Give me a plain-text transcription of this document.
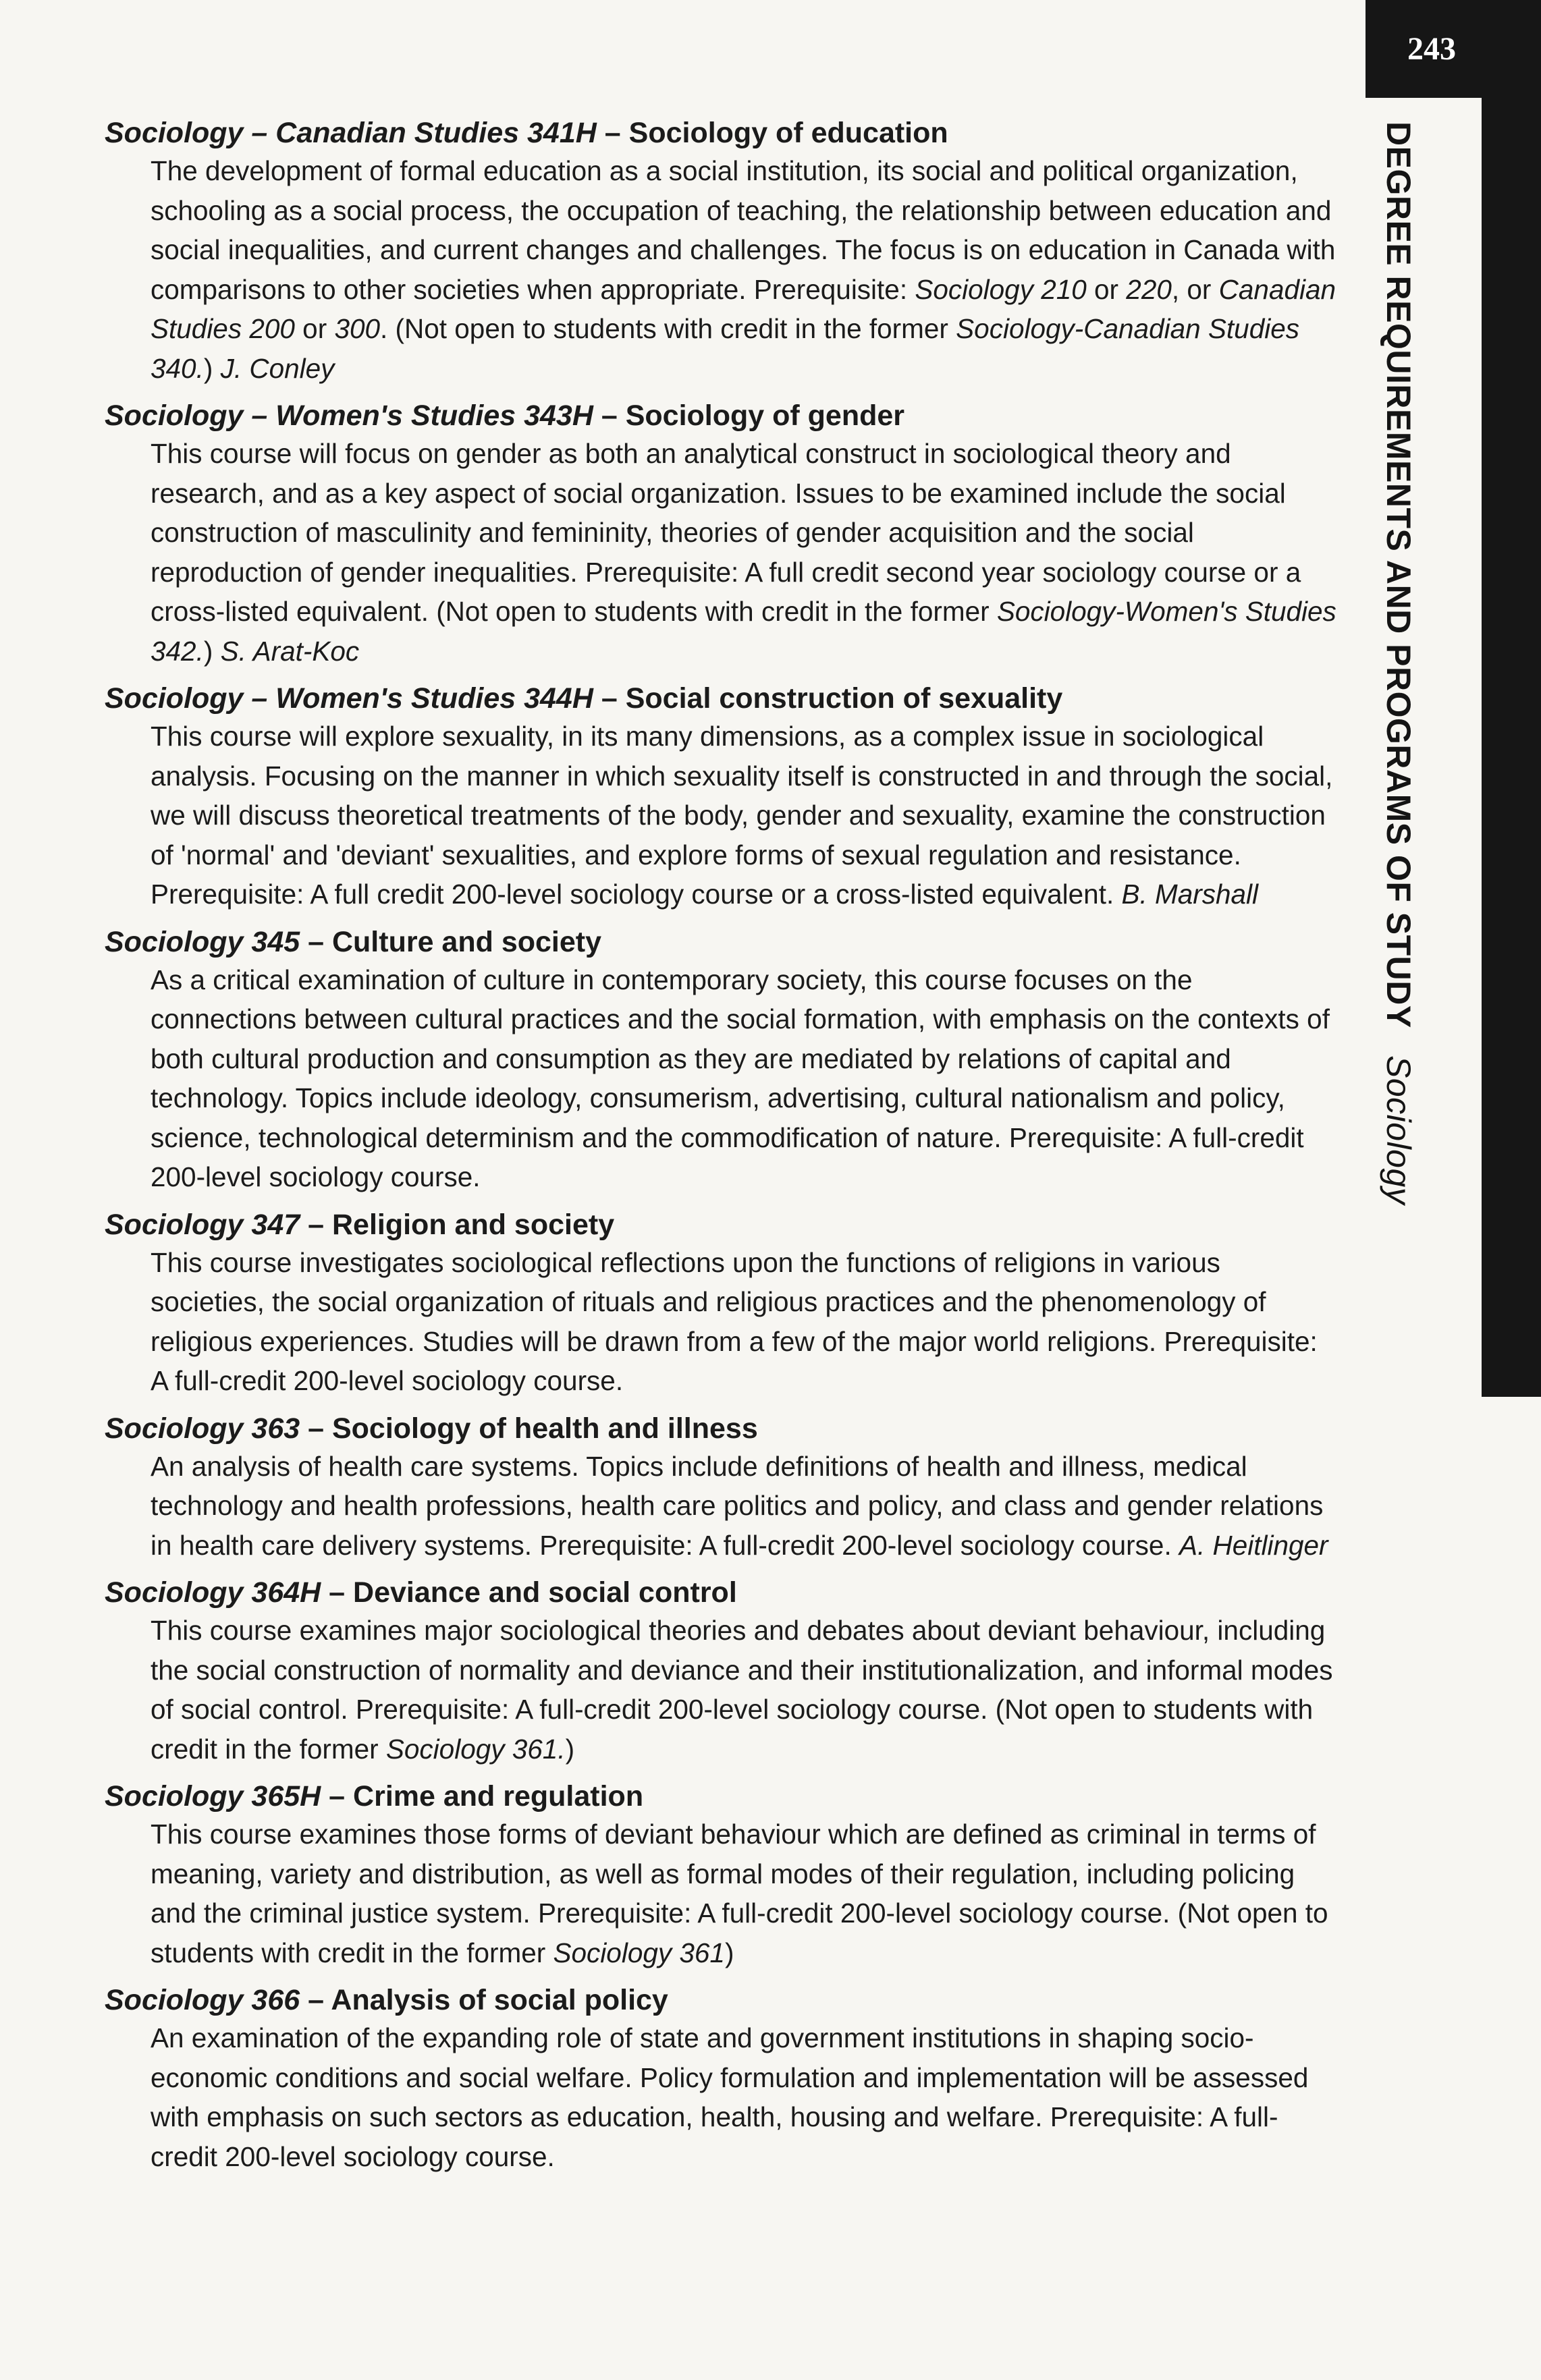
243
DEGREE REQUIREMENTS AND PROGRAMS OF STUDYSociology

Sociology – Canadian Studies 341H – Sociology of education

The development of formal education as a social institution, its social and political organization, schooling as a social process, the occupation of teaching, the relationship between education and social inequalities, and current changes and challenges. The focus is on education in Canada with comparisons to other societies when appropriate. Prerequisite: Sociology 210 or 220, or Canadian Studies 200 or 300. (Not open to students with credit in the former Sociology-Canadian Studies 340.) J. Conley

Sociology – Women's Studies 343H – Sociology of gender

This course will focus on gender as both an analytical construct in sociological theory and research, and as a key aspect of social organization. Issues to be examined include the social construction of masculinity and femininity, theories of gender acquisition and the social reproduction of gender inequalities. Prerequisite: A full credit second year sociology course or a cross-listed equivalent. (Not open to students with credit in the former Sociology-Women's Studies 342.) S. Arat-Koc

Sociology – Women's Studies 344H – Social construction of sexuality

This course will explore sexuality, in its many dimensions, as a complex issue in sociological analysis. Focusing on the manner in which sexuality itself is constructed in and through the social, we will discuss theoretical treatments of the body, gender and sexuality, examine the construction of 'normal' and 'deviant' sexualities, and explore forms of sexual regulation and resistance. Prerequisite: A full credit 200-level sociology course or a cross-listed equivalent. B. Marshall

Sociology 345 – Culture and society

As a critical examination of culture in contemporary society, this course focuses on the connections between cultural practices and the social formation, with emphasis on the contexts of both cultural production and consumption as they are mediated by relations of capital and technology. Topics include ideology, consumerism, advertising, cultural nationalism and policy, science, technological determinism and the commodification of nature. Prerequisite: A full-credit 200-level sociology course.

Sociology 347 – Religion and society

This course investigates sociological reflections upon the functions of religions in various societies, the social organization of rituals and religious practices and the phenomenology of religious experiences. Studies will be drawn from a few of the major world religions. Prerequisite: A full-credit 200-level sociology course.

Sociology 363 – Sociology of health and illness

An analysis of health care systems. Topics include definitions of health and illness, medical technology and health professions, health care politics and policy, and class and gender relations in health care delivery systems. Prerequisite: A full-credit 200-level sociology course. A. Heitlinger

Sociology 364H – Deviance and social control

This course examines major sociological theories and debates about deviant behaviour, including the social construction of normality and deviance and their institutionalization, and informal modes of social control. Prerequisite: A full-credit 200-level sociology course. (Not open to students with credit in the former Sociology 361.)

Sociology 365H – Crime and regulation

This course examines those forms of deviant behaviour which are defined as criminal in terms of meaning, variety and distribution, as well as formal modes of their regulation, including policing and the criminal justice system. Prerequisite: A full-credit 200-level sociology course. (Not open to students with credit in the former Sociology 361)

Sociology 366 – Analysis of social policy

An examination of the expanding role of state and government institutions in shaping socio-economic conditions and social welfare. Policy formulation and implementation will be assessed with emphasis on such sectors as education, health, housing and welfare. Prerequisite: A full-credit 200-level sociology course.
